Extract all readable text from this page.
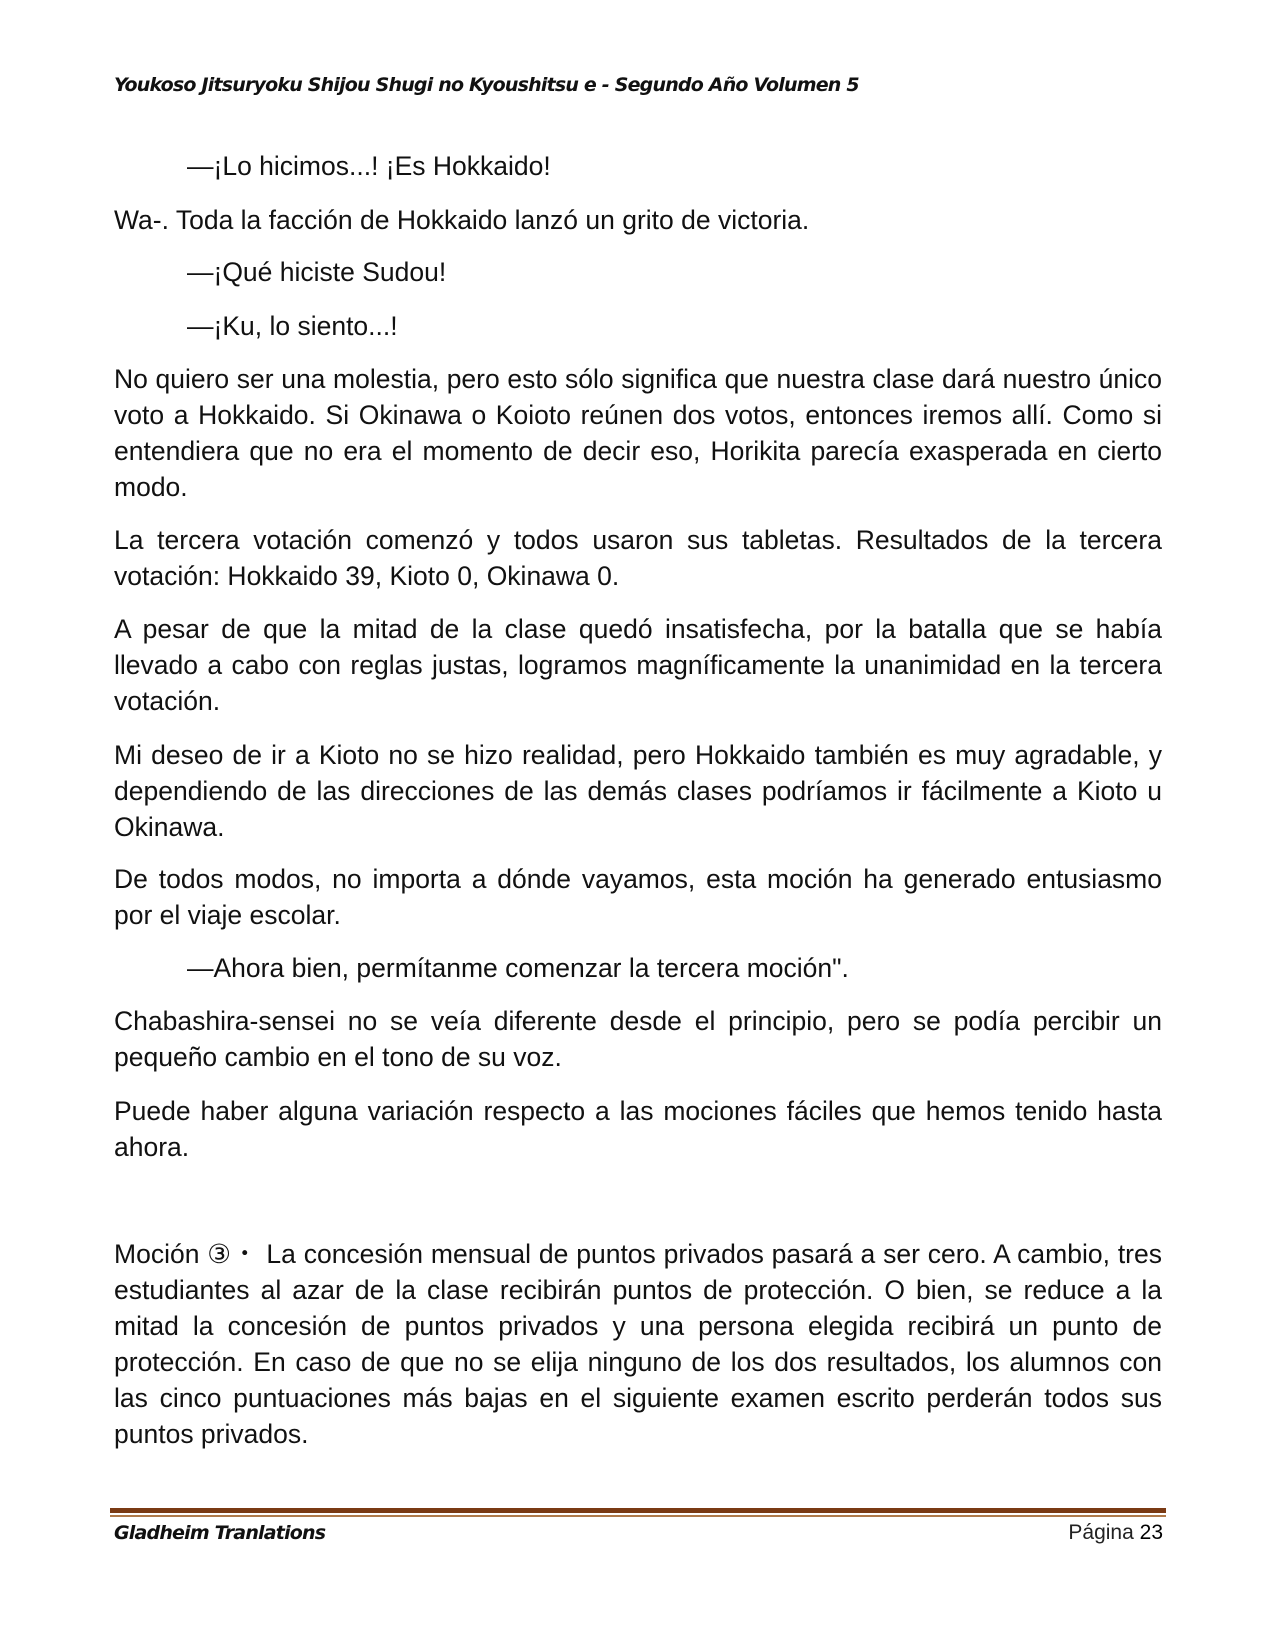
Youkoso Jitsuryoku Shijou Shugi no Kyoushitsu e - Segundo Año Volumen 5
—¡Lo hicimos...! ¡Es Hokkaido!
Wa-. Toda la facción de Hokkaido lanzó un grito de victoria.
—¡Qué hiciste Sudou!
—¡Ku, lo siento...!
No quiero ser una molestia, pero esto sólo significa que nuestra clase dará nuestro único voto a Hokkaido. Si Okinawa o Koioto reúnen dos votos, entonces iremos allí. Como si entendiera que no era el momento de decir eso, Horikita parecía exasperada en cierto modo.
La tercera votación comenzó y todos usaron sus tabletas. Resultados de la tercera votación: Hokkaido 39, Kioto 0, Okinawa 0.
A pesar de que la mitad de la clase quedó insatisfecha, por la batalla que se había llevado a cabo con reglas justas, logramos magníficamente la unanimidad en la tercera votación.
Mi deseo de ir a Kioto no se hizo realidad, pero Hokkaido también es muy agradable, y dependiendo de las direcciones de las demás clases podríamos ir fácilmente a Kioto u Okinawa.
De todos modos, no importa a dónde vayamos, esta moción ha generado entusiasmo por el viaje escolar.
—Ahora bien, permítanme comenzar la tercera moción".
Chabashira-sensei no se veía diferente desde el principio, pero se podía percibir un pequeño cambio en el tono de su voz.
Puede haber alguna variación respecto a las mociones fáciles que hemos tenido hasta ahora.
Moción ③・ La concesión mensual de puntos privados pasará a ser cero. A cambio, tres estudiantes al azar de la clase recibirán puntos de protección. O bien, se reduce a la mitad la concesión de puntos privados y una persona elegida recibirá un punto de protección. En caso de que no se elija ninguno de los dos resultados, los alumnos con las cinco puntuaciones más bajas en el siguiente examen escrito perderán todos sus puntos privados.
Gladheim Tranlations	Página 23
